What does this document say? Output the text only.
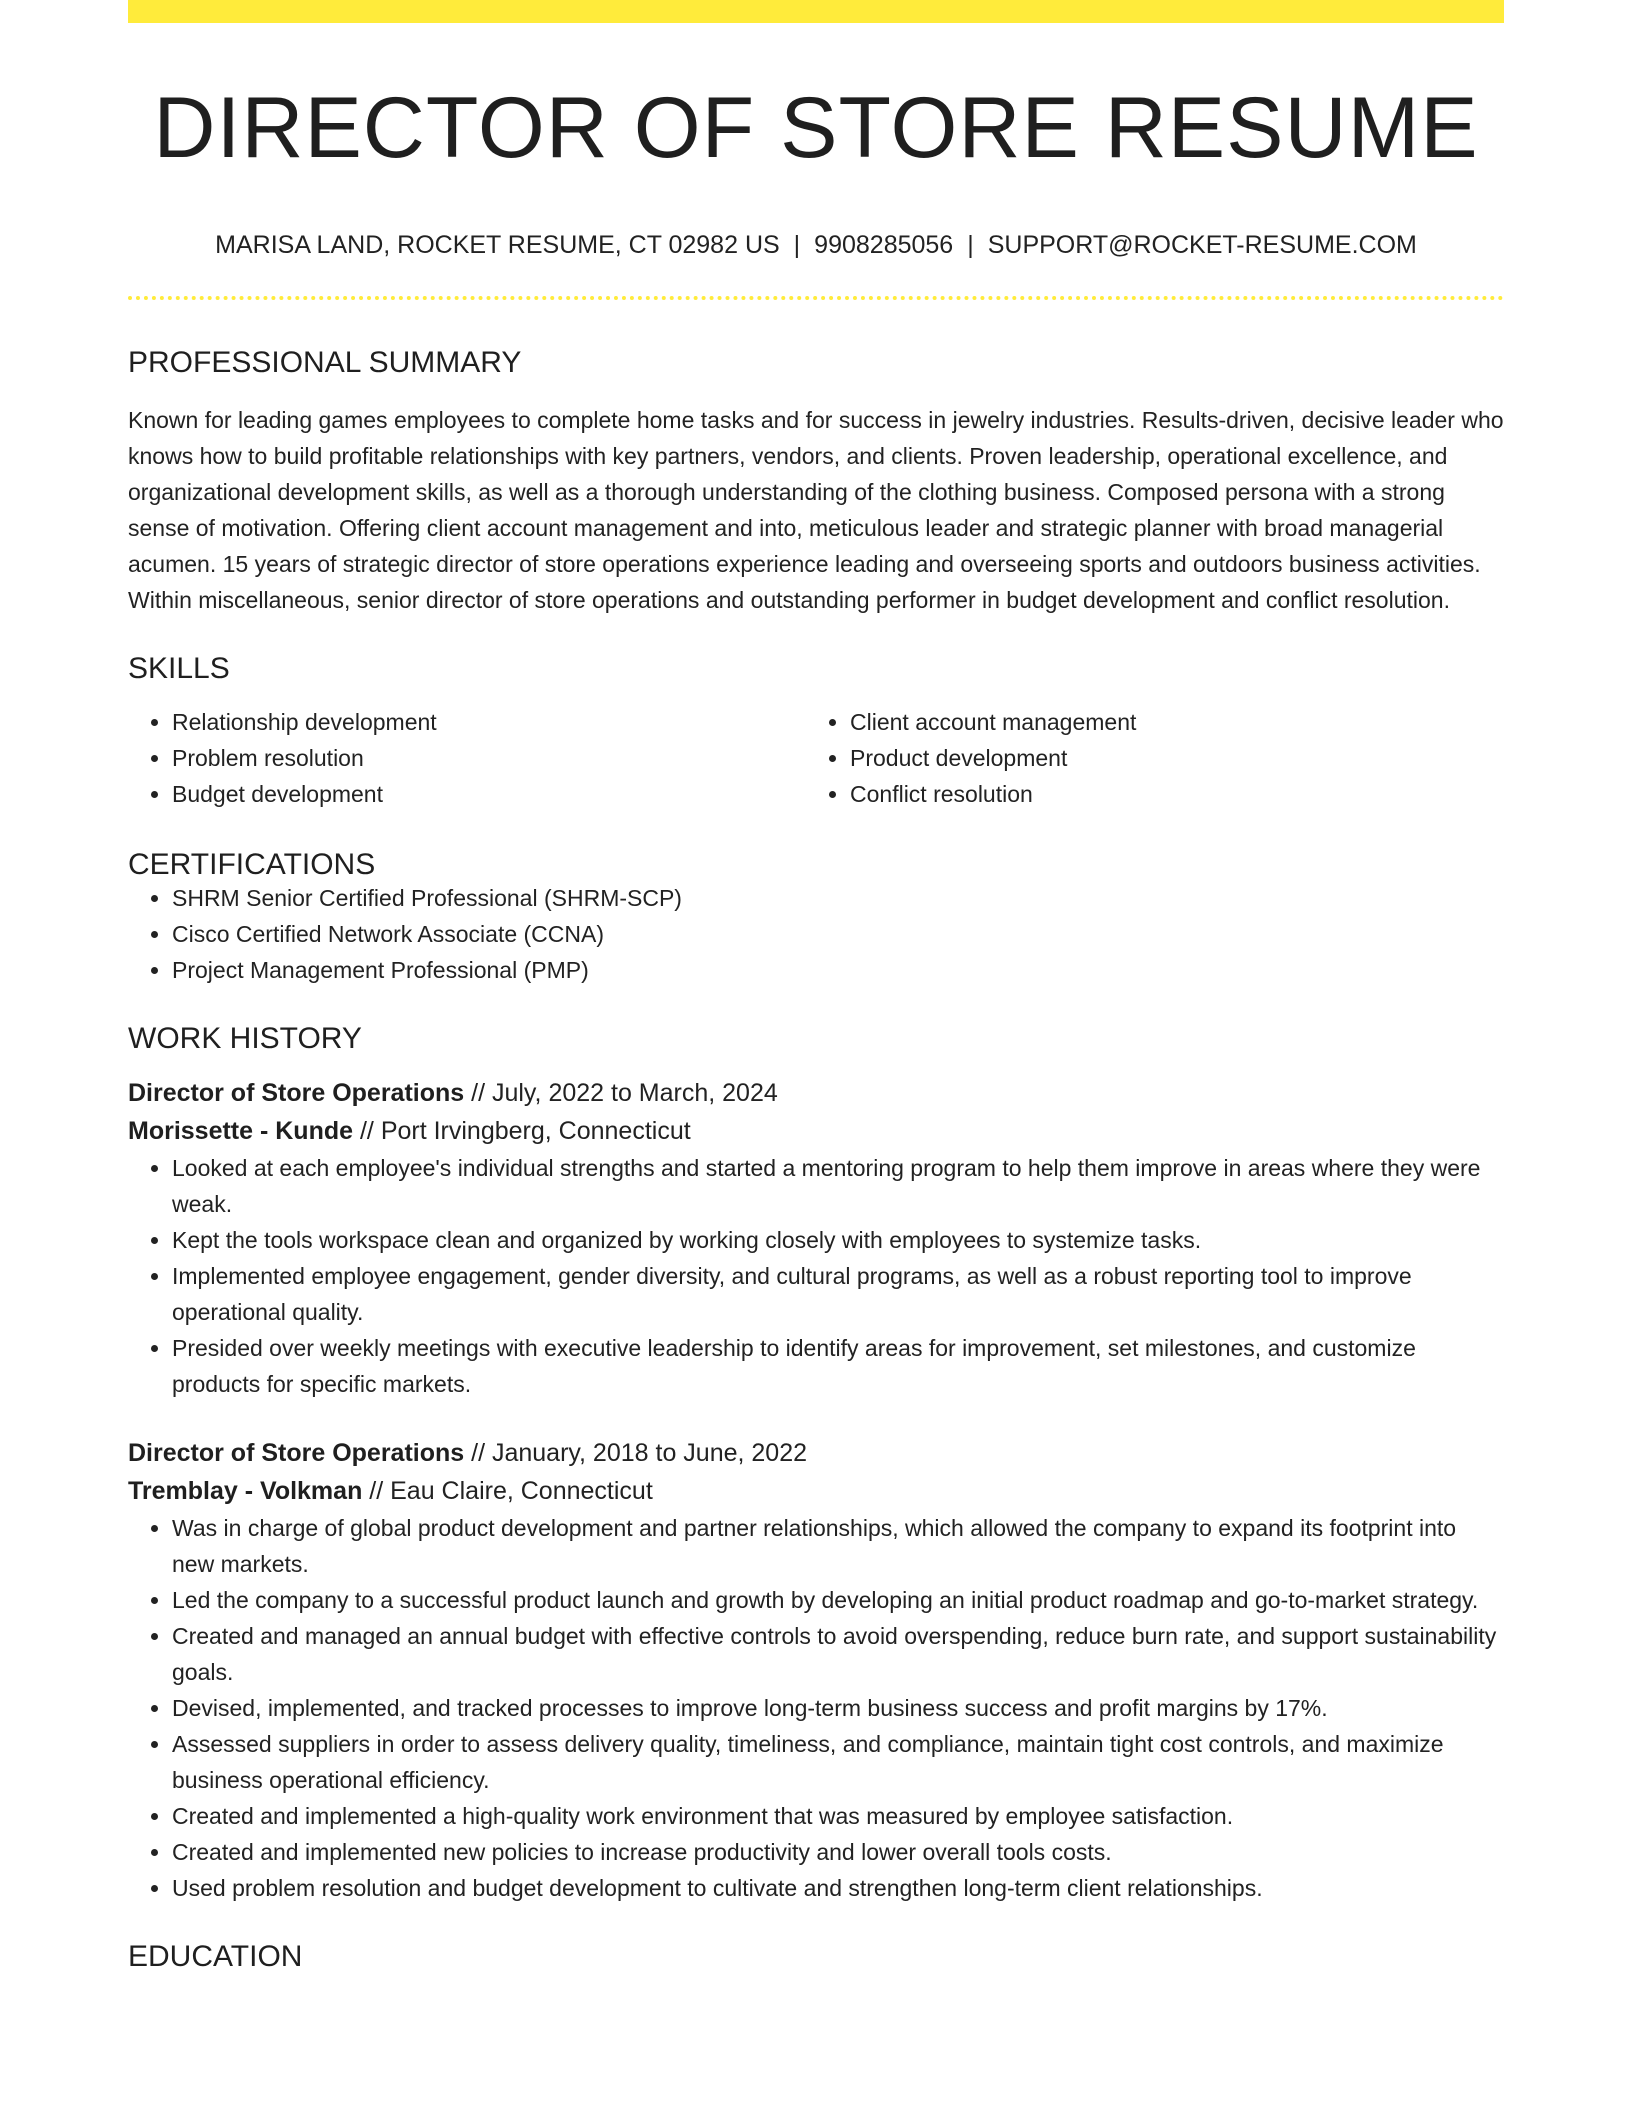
DIRECTOR OF STORE RESUME
MARISA LAND, ROCKET RESUME, CT 02982 US | 9908285056 | SUPPORT@ROCKET-RESUME.COM
PROFESSIONAL SUMMARY

Known for leading games employees to complete home tasks and for success in jewelry industries. Results-driven, decisive leader who knows how to build profitable relationships with key partners, vendors, and clients. Proven leadership, operational excellence, and organizational development skills, as well as a thorough understanding of the clothing business. Composed persona with a strong sense of motivation. Offering client account management and into, meticulous leader and strategic planner with broad managerial acumen. 15 years of strategic director of store operations experience leading and overseeing sports and outdoors business activities. Within miscellaneous, senior director of store operations and outstanding performer in budget development and conflict resolution.

SKILLS
• Relationship development
• Problem resolution
• Budget development
• Client account management
• Product development
• Conflict resolution
CERTIFICATIONS
• SHRM Senior Certified Professional (SHRM-SCP)
• Cisco Certified Network Associate (CCNA)
• Project Management Professional (PMP)
WORK HISTORY
Director of Store Operations // July, 2022 to March, 2024
Morissette - Kunde // Port Irvingberg, Connecticut
• Looked at each employee's individual strengths and started a mentoring program to help them improve in areas where they were weak.
• Kept the tools workspace clean and organized by working closely with employees to systemize tasks.
• Implemented employee engagement, gender diversity, and cultural programs, as well as a robust reporting tool to improve operational quality.
• Presided over weekly meetings with executive leadership to identify areas for improvement, set milestones, and customize products for specific markets.
Director of Store Operations // January, 2018 to June, 2022
Tremblay - Volkman // Eau Claire, Connecticut
• Was in charge of global product development and partner relationships, which allowed the company to expand its footprint into new markets.
• Led the company to a successful product launch and growth by developing an initial product roadmap and go-to-market strategy.
• Created and managed an annual budget with effective controls to avoid overspending, reduce burn rate, and support sustainability goals.
• Devised, implemented, and tracked processes to improve long-term business success and profit margins by 17%.
• Assessed suppliers in order to assess delivery quality, timeliness, and compliance, maintain tight cost controls, and maximize business operational efficiency.
• Created and implemented a high-quality work environment that was measured by employee satisfaction.
• Created and implemented new policies to increase productivity and lower overall tools costs.
• Used problem resolution and budget development to cultivate and strengthen long-term client relationships.
EDUCATION
